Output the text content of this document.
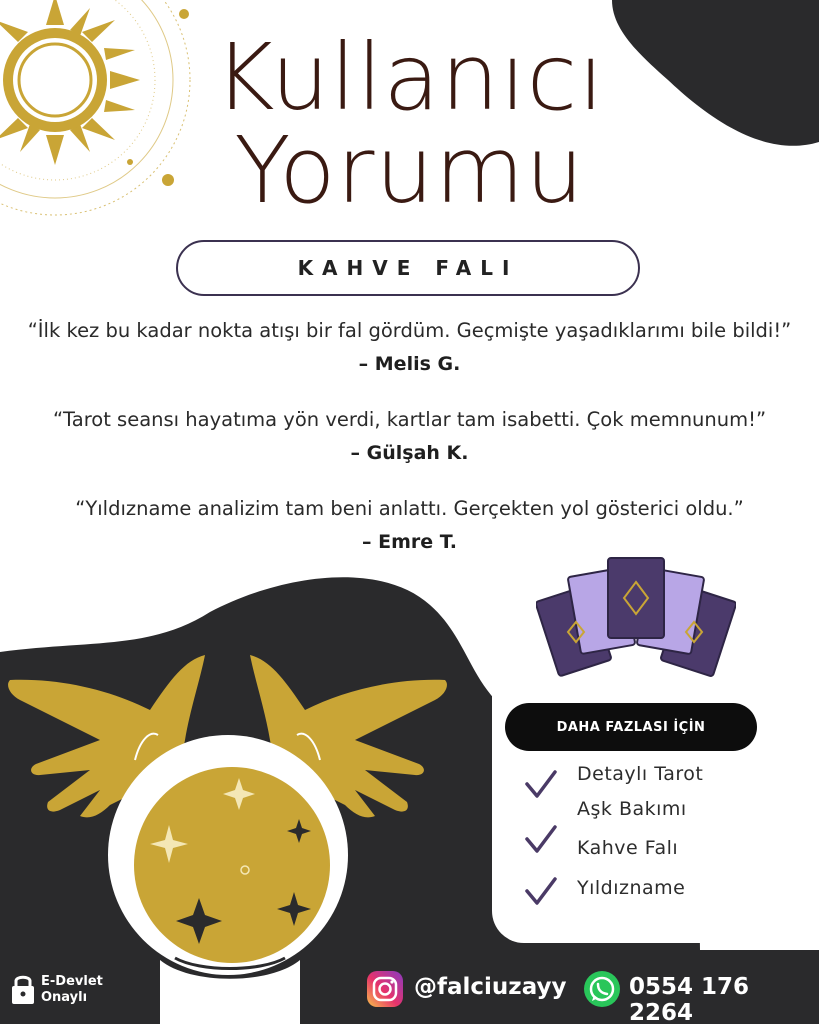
Kullanıcı
Yorumu
KAHVE FALI
“İlk kez bu kadar nokta atışı bir fal gördüm. Geçmişte yaşadıklarımı bile bildi!”
– Melis G.
“Tarot seansı hayatıma yön verdi, kartlar tam isabetti. Çok memnunum!”
– Gülşah K.
“Yıldızname analizim tam beni anlattı. Gerçekten yol gösterici oldu.”
– Emre T.
DAHA FAZLASI İÇİN
Detaylı Tarot
Aşk Bakımı
Kahve Falı
Yıldızname
E-Devlet
Onaylı	@falciuzayy	0554 176 2264
